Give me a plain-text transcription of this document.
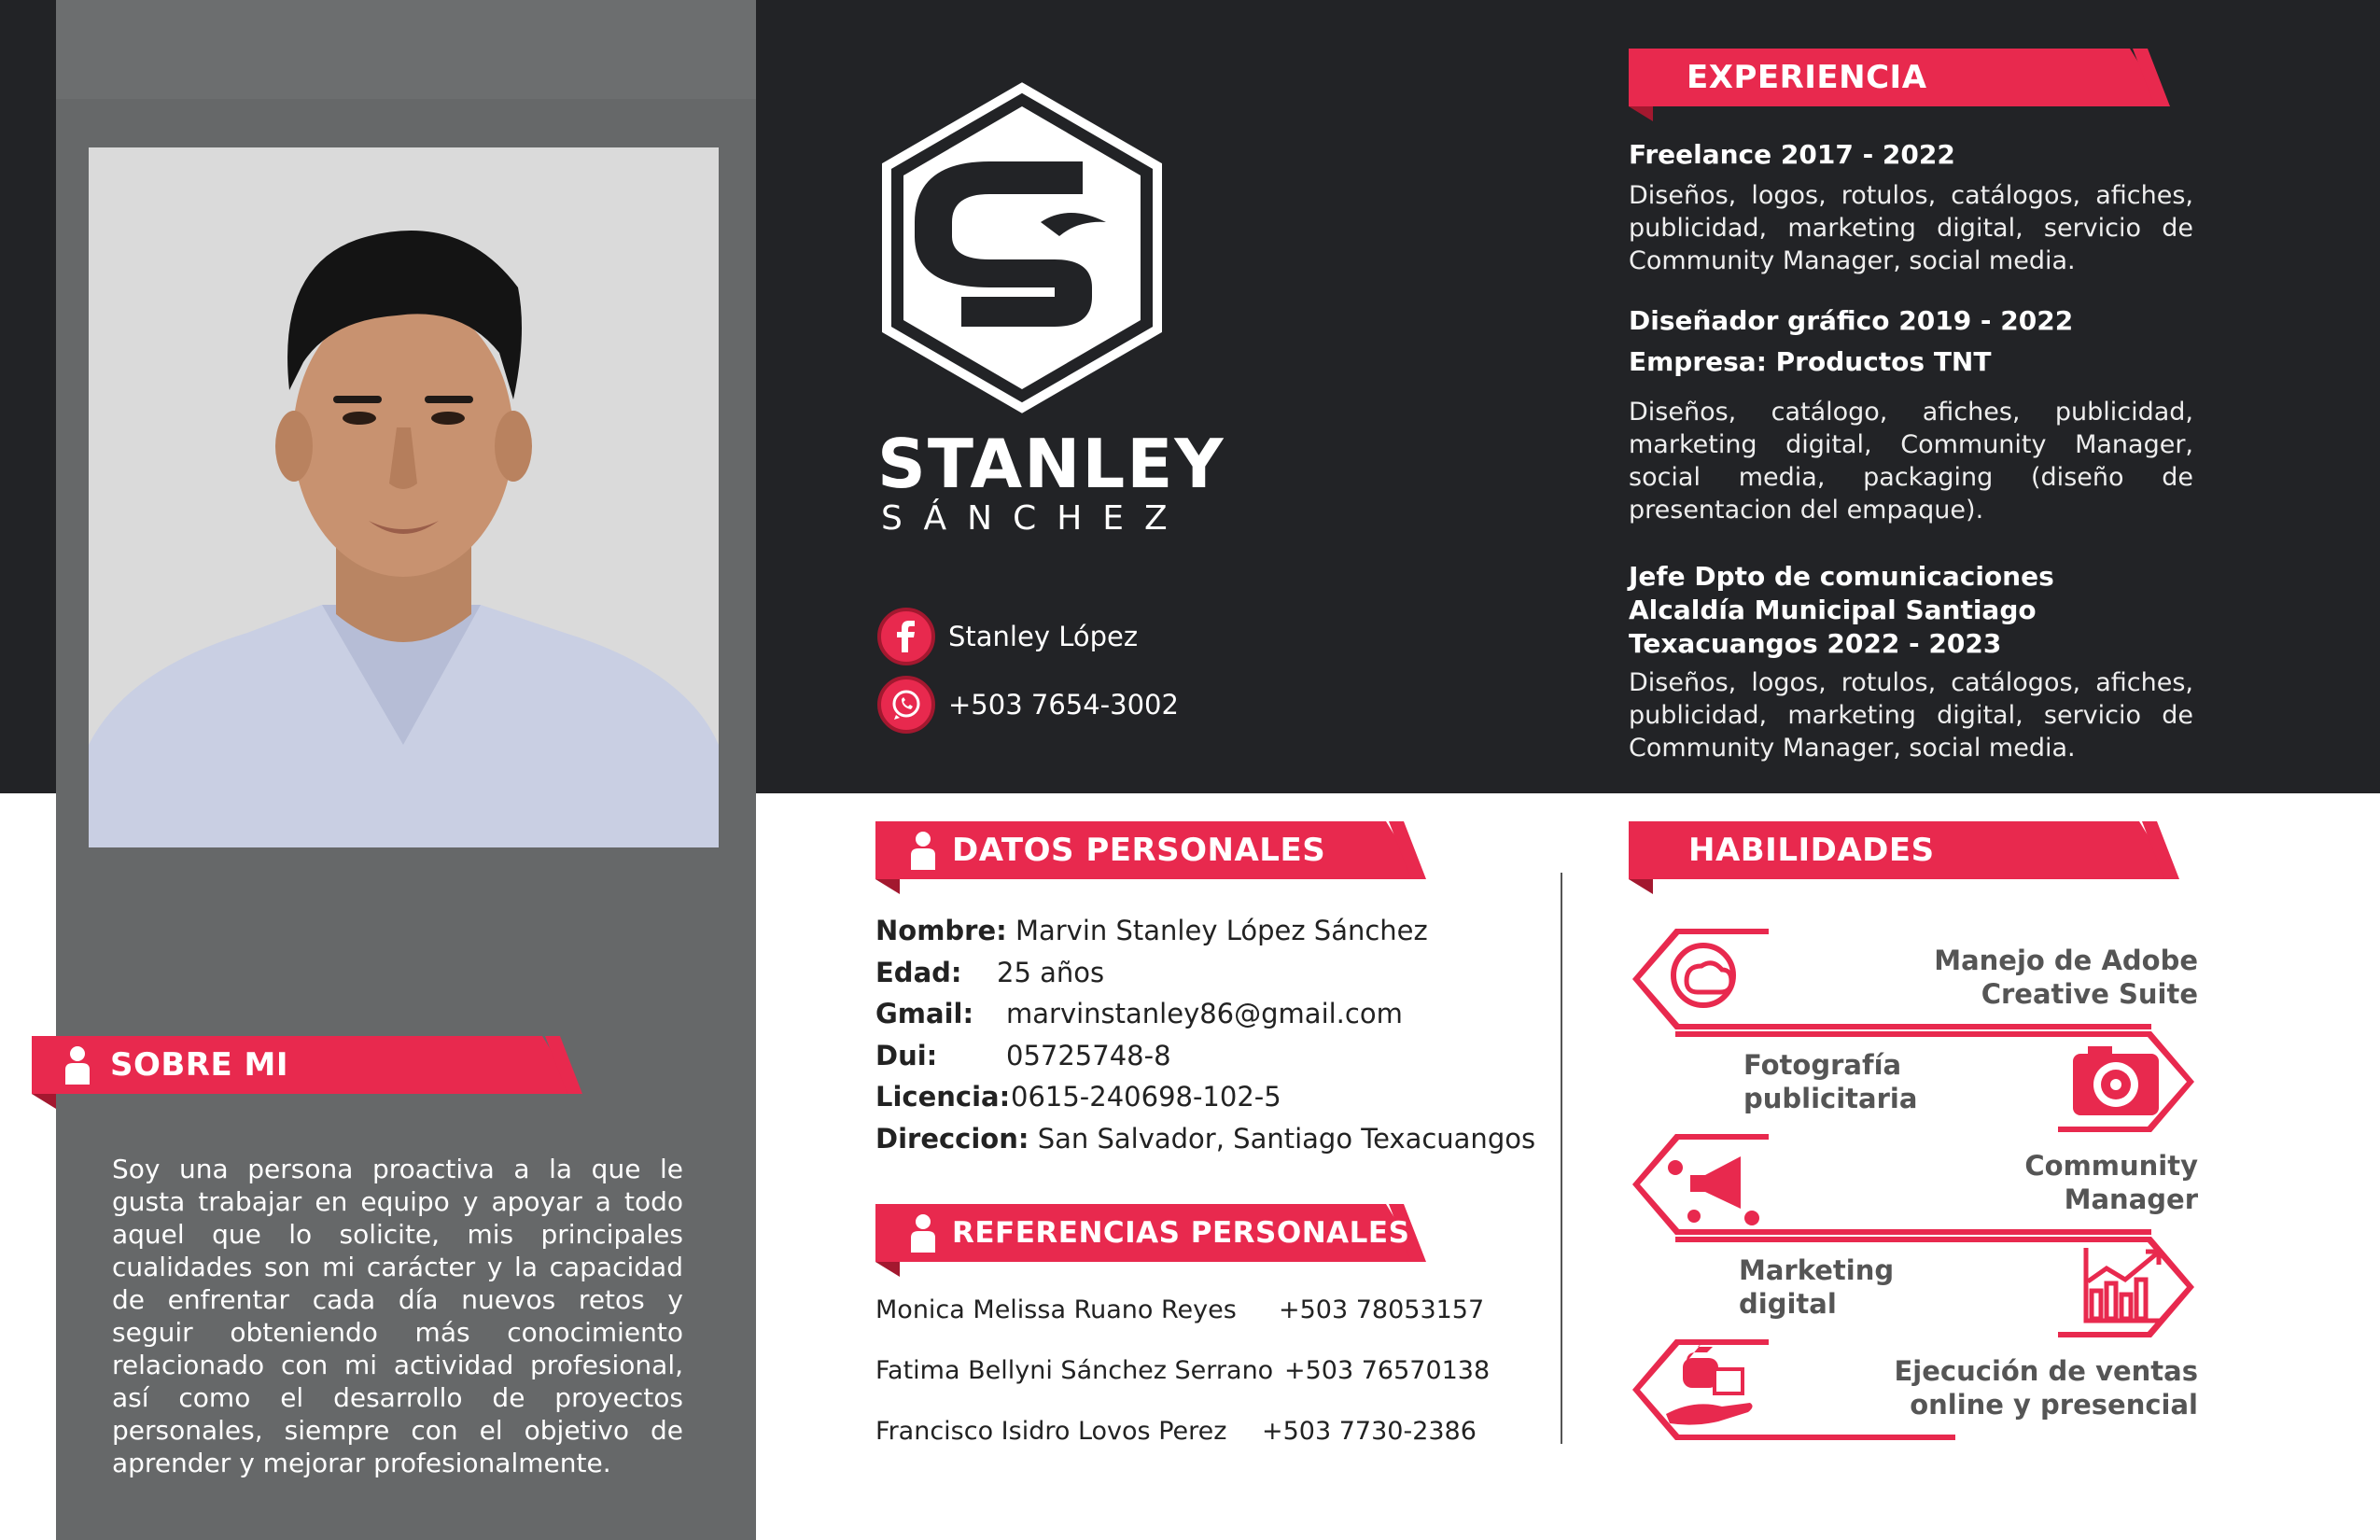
STANLEY
SÁNCHEZ
Stanley López
+503 7654-3002
EXPERIENCIA
Freelance 2017 - 2022

Diseños, logos, rotulos, catálogos, afiches, publicidad, marketing digital, servicio de Community Manager, social media.

Diseñador gráfico 2019 - 2022
Empresa: Productos TNT

Diseños, catálogo, afiches, publicidad, marketing digital, Community Manager, social media, packaging (diseño de presentacion del empaque).

Jefe Dpto de comunicaciones
Alcaldía Municipal Santiago
Texacuangos 2022 - 2023

Diseños, logos, rotulos, catálogos, afiches, publicidad, marketing digital, servicio de Community Manager, social media.

SOBRE MI
Soy una persona proactiva a la que le gusta trabajar en equipo y apoyar a todo aquel que lo solicite, mis principales cualidades son mi carácter y la capacidad de enfrentar cada día nuevos retos y seguir obteniendo más conocimiento relacionado con mi actividad profesional, así como el desarrollo de proyectos personales, siempre con el objetivo de aprender y mejorar profesionalmente.
DATOS PERSONALES
Nombre: Marvin Stanley López Sánchez
Edad: 25 años
Gmail: marvinstanley86@gmail.com
Dui:	05725748-8
Licencia:0615-240698-102-5
Direccion: San Salvador, Santiago Texacuangos
REFERENCIAS PERSONALES
Monica Melissa Ruano Reyes +503 78053157
Fatima Bellyni Sánchez Serrano +503 76570138
Francisco Isidro Lovos Perez +503 7730-2386
HABILIDADES
Manejo de Adobe
Creative Suite
Fotografía
publicitaria
Community
Manager
Marketing
digital
Ejecución de ventas
online y presencial
